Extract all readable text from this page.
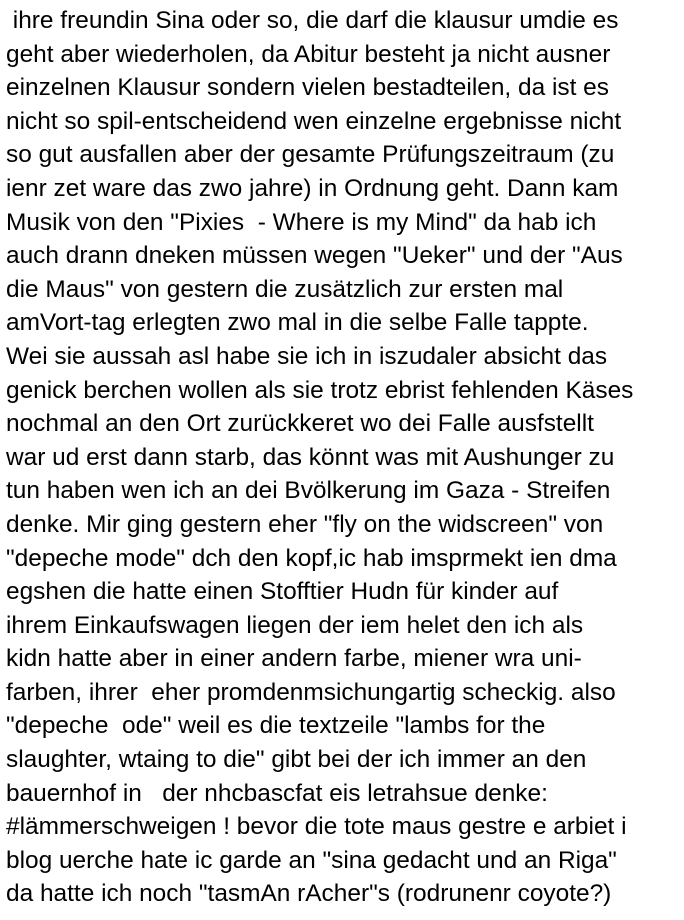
ihre freundin Sina oder so, die darf die klausur umdie es
geht aber wiederholen, da Abitur besteht ja nicht ausner
einzelnen Klausur sondern vielen bestadteilen, da ist es
nicht so spil-entscheidend wen einzelne ergebnisse nicht
so gut ausfallen aber der gesamte Prüfungszeitraum (zu
ienr zet ware das zwo jahre) in Ordnung geht. Dann kam
Musik von den "Pixies  - Where is my Mind" da hab ich
auch drann dneken müssen wegen "Ueker" und der "Aus
die Maus" von gestern die zusätzlich zur ersten mal
amVort-tag erlegten zwo mal in die selbe Falle tappte.
Wei sie aussah asl habe sie ich in iszudaler absicht das
genick berchen wollen als sie trotz ebrist fehlenden Käses
nochmal an den Ort zurückkeret wo dei Falle ausfstellt
war ud erst dann starb, das könnt was mit Aushunger zu
tun haben wen ich an dei Bvölkerung im Gaza - Streifen
denke. Mir ging gestern eher "fly on the widscreen" von
"depeche mode" dch den kopf,ic hab imsprmekt ien dma
egshen die hatte einen Stofftier Hudn für kinder auf
ihrem Einkaufswagen liegen der iem helet den ich als
kidn hatte aber in einer andern farbe, miener wra uni-
farben, ihrer  eher promdenmsichungartig scheckig. also
"depeche  ode" weil es die textzeile "lambs for the
slaughter, wtaing to die" gibt bei der ich immer an den
bauernhof in   der nhcbascfat eis letrahsue denke:
#lämmerschweigen ! bevor die tote maus gestre e arbiet i
blog uerche hate ic garde an "sina gedacht und an Riga"
da hatte ich noch "tasmAn rAcher"s (rodrunenr coyote?)
